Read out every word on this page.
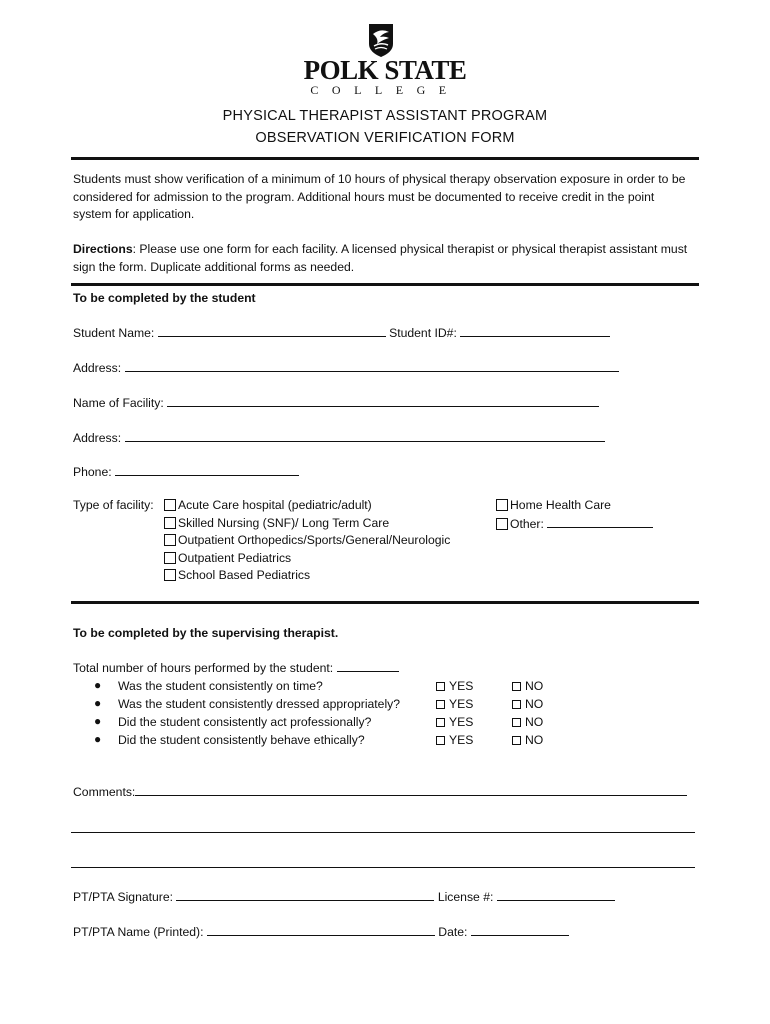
POLK STATE
COLLEGE
PHYSICAL THERAPIST ASSISTANT PROGRAM
OBSERVATION VERIFICATION FORM
Students must show verification of a minimum of 10 hours of physical therapy observation exposure in order to be considered for admission to the program. Additional hours must be documented to receive credit in the point system for application.
Directions: Please use one form for each facility. A licensed physical therapist or physical therapist assistant must sign the form. Duplicate additional forms as needed.
To be completed by the student
Student Name:	Student ID#:
Address:
Name of Facility:
Address:
Phone:
Type of facility:	Acute Care hospital (pediatric/adult)
Skilled Nursing (SNF)/ Long Term Care
Outpatient Orthopedics/Sports/General/Neurologic
Outpatient Pediatrics
School Based Pediatrics
Home Health Care
Other:
To be completed by the supervising therapist.
Total number of hours performed by the student:
● Was the student consistently on time?	YES	NO
● Was the student consistently dressed appropriately?	YES	NO
● Did the student consistently act professionally?	YES	NO
● Did the student consistently behave ethically?	YES	NO
Comments:
PT/PTA Signature:	License #:
PT/PTA Name (Printed):	Date:
